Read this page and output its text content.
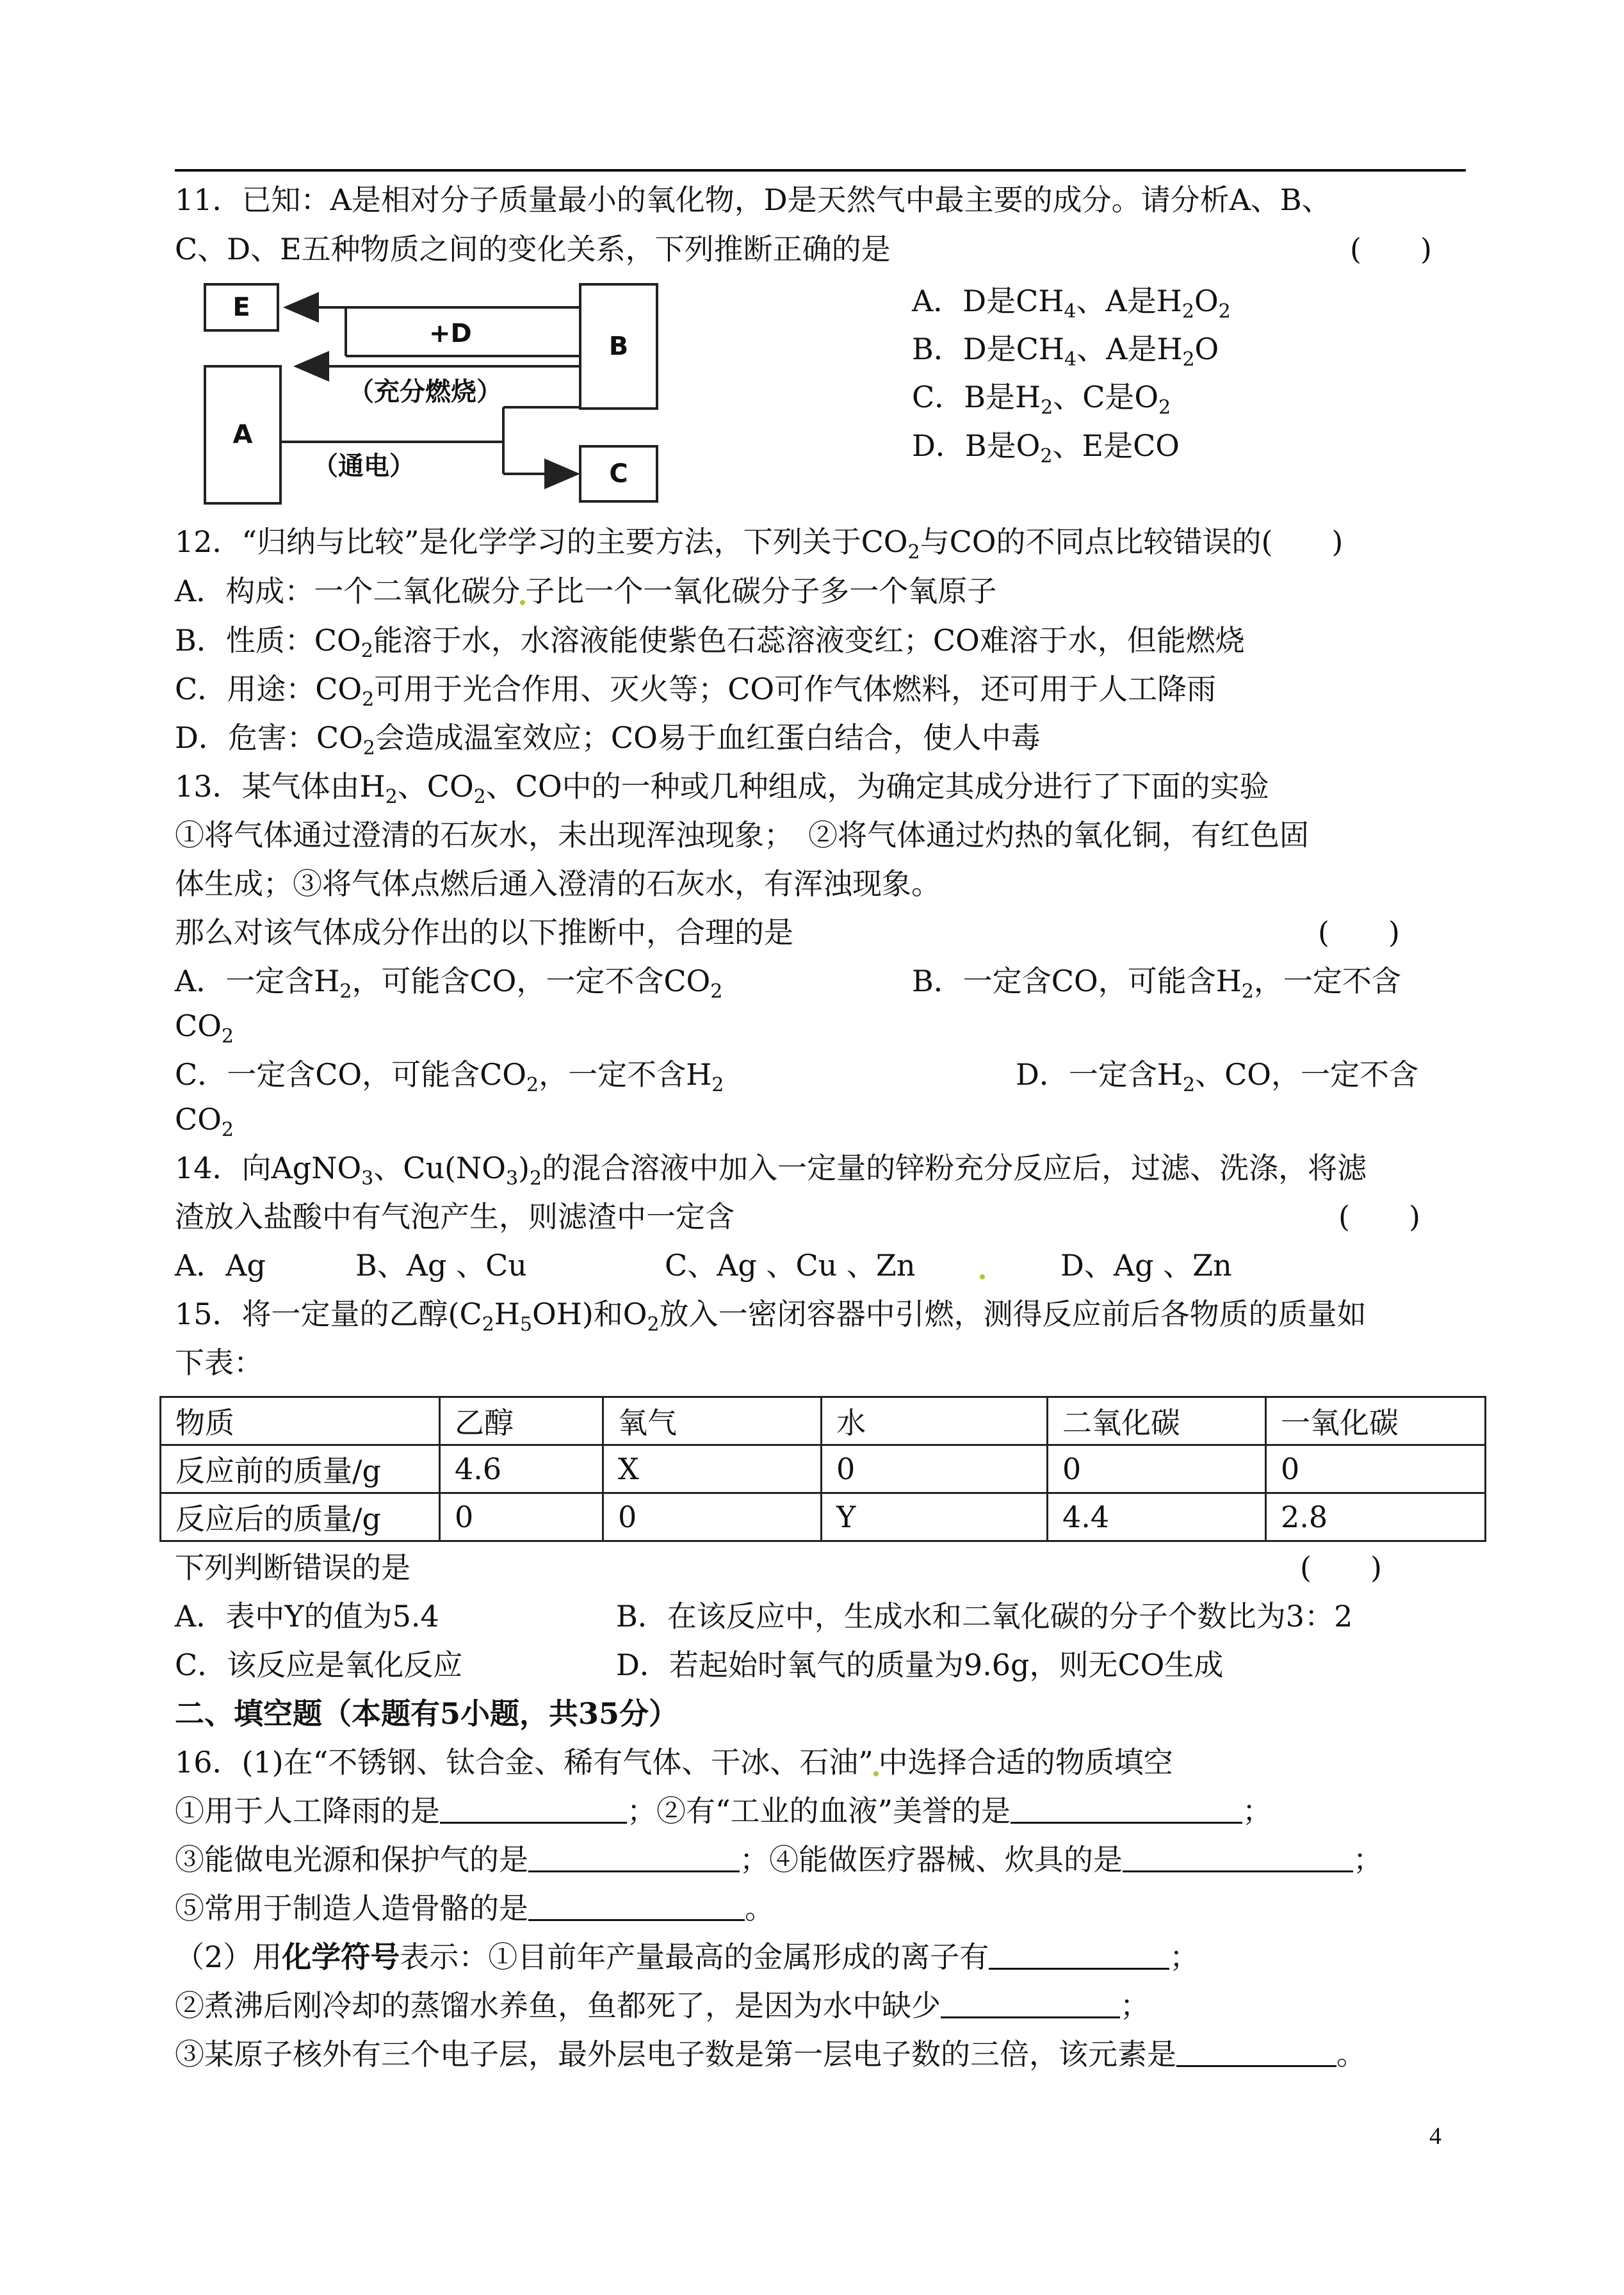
11．已知：A是相对分子质量最小的氧化物，D是天然气中最主要的成分。请分析A、B、
C、D、E五种物质之间的变化关系，下列推断正确的是	(　　)
E
A
B
C
+D
（充分燃烧）
（通电）
A．D是$CH_4$、A是$H_2O_2$
B．D是$CH_4$、A是$H_2O$
C．B是$H_2$、C是$O_2$
D．B是$O_2$、E是CO
12．“归纳与比较”是化学学习的主要方法，下列关于$CO_2$与CO的不同点比较错误的(　　)
A．构成：一个二氧化碳分 子比一个一氧化碳分子多一个氧原子
B．性质：$CO_2$能溶于水，水溶液能使紫色石蕊溶液变红；CO难溶于水，但能燃烧
C．用途：$CO_2$可用于光合作用、灭火等；CO可作气体燃料，还可用于人工降雨
D．危害：$CO_2$会造成温室效应；CO易于血红蛋白结合，使人中毒
13．某气体由$H_2$、$CO_2$、CO中的一种或几种组成，为确定其成分进行了下面的实验
①将气体通过澄清的石灰水，未出现浑浊现象；　②将气体通过灼热的氧化铜，有红色固
体生成；③将气体点燃后通入澄清的石灰水，有浑浊现象。
那么对该气体成分作出的以下推断中，合理的是	(　　)
A．一定含$H_2$，可能含CO，一定不含$CO_2$	B．一定含CO，可能含$H_2$，一定不含
$CO_2$
C．一定含CO，可能含$CO_2$，一定不含$H_2$	D．一定含$H_2$、CO，一定不含
$CO_2$
14．向AgNO$_3$、$Cu(NO_3)_2$的混合溶液中加入一定量的锌粉充分反应后，过滤、洗涤，将滤
渣放入盐酸中有气泡产生，则滤渣中一定含	(　　)
A．Ag	B、Ag 、Cu	C、Ag 、Cu 、Zn	D、Ag 、Zn
15．将一定量的乙醇$(C_2H_5OH)$和$O_2$放入一密闭容器中引燃，测得反应前后各物质的质量如
下表：
物质	乙醇	氧气	水	二氧化碳	一氧化碳
反应前的质量/g	4.6	X	0	0	0
反应后的质量/g	0	0	Y	4.4	2.8
下列判断错误的是	(　　)
A．表中Y的值为5.4	B．在该反应中，生成水和二氧化碳的分子个数比为3：2
C．该反应是氧化反应	D．若起始时氧气的质量为9.6g，则无CO生成
二、填空题（本题有5小题，共35分）
16．(1)在“不锈钢、钛合金、稀有气体、干冰、石油” 中选择合适的物质填空
①用于人工降雨的是	；②有“工业的血液”美誉的是	；
③能做电光源和保护气的是	；④能做医疗器械、炊具的是	；
⑤常用于制造人造骨骼的是	。
（2）用化学符号表示：①目前年产量最高的金属形成的离子有	；
②煮沸后刚冷却的蒸馏水养鱼，鱼都死了，是因为水中缺少	；
③某原子核外有三个电子层，最外层电子数是第一层电子数的三倍，该元素是	。
4
